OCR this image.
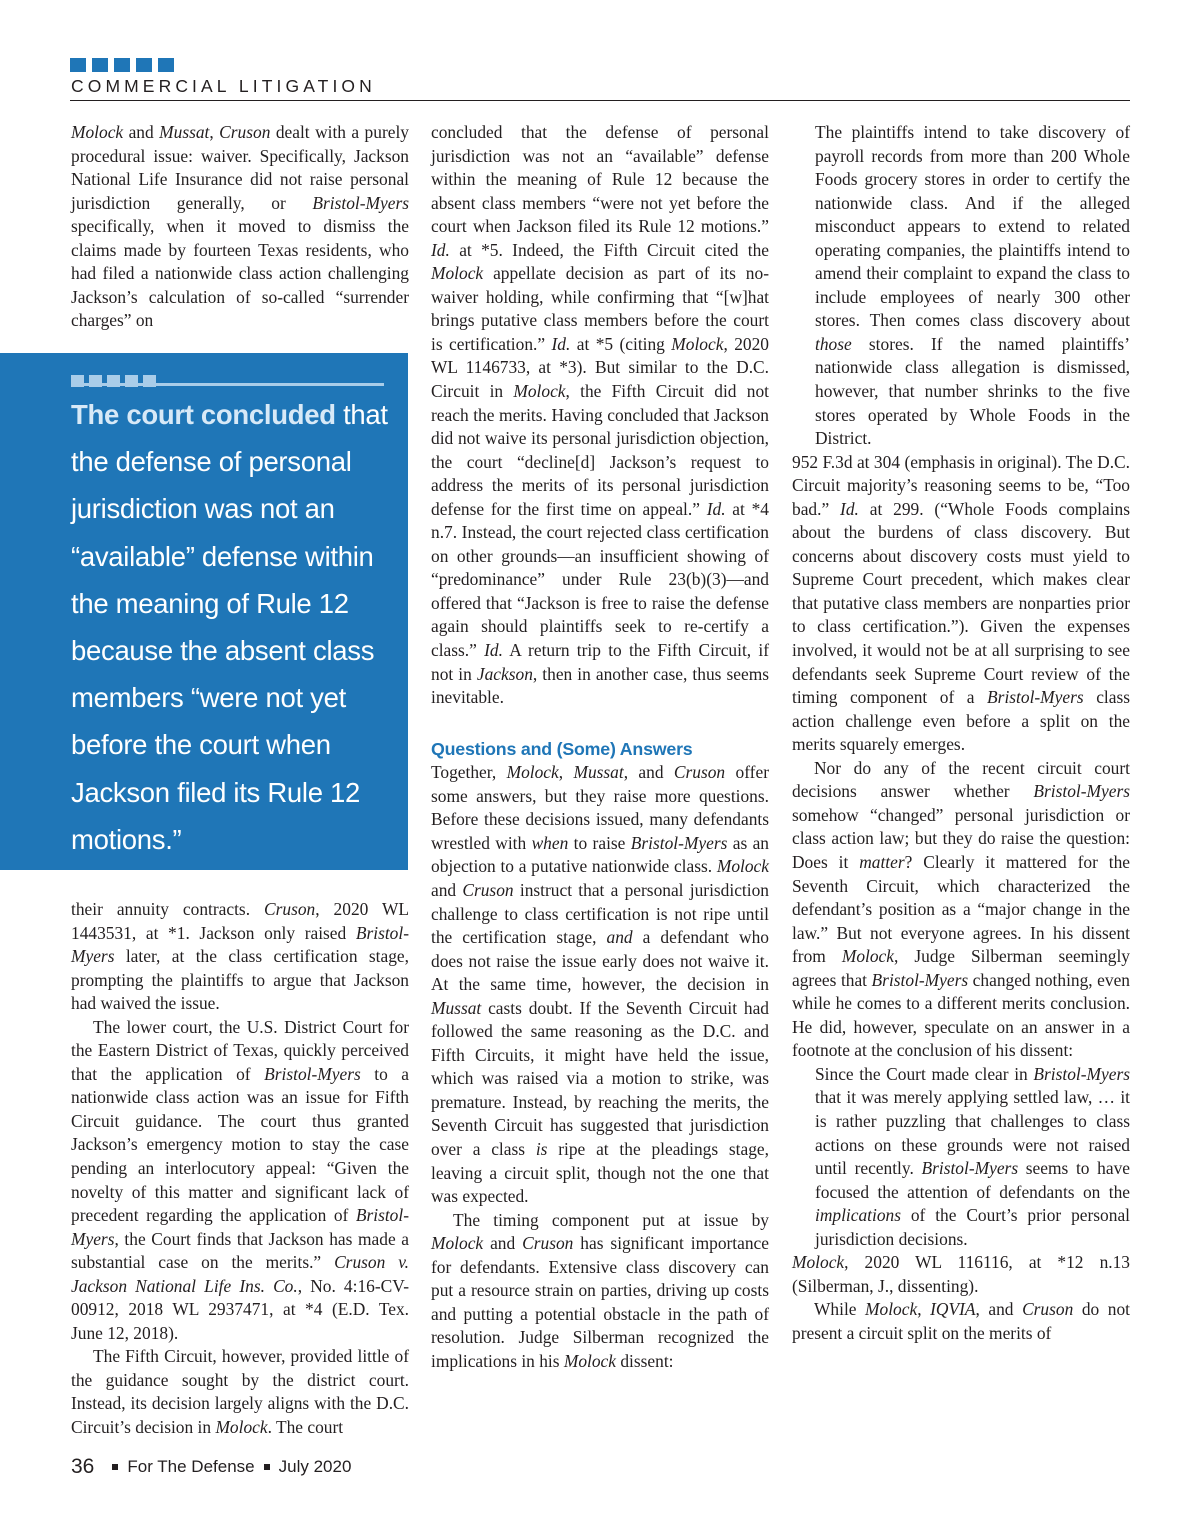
COMMERCIAL LITIGATION

Molock and Mussat, Cruson dealt with a purely procedural issue: waiver. Specifically, Jackson National Life Insurance did not raise personal jurisdiction generally, or Bristol-Myers specifically, when it moved to dismiss the claims made by fourteen Texas residents, who had filed a nationwide class action challenging Jackson’s calculation of so-called “surrender charges” on

The court concluded that the defense of personal jurisdiction was not an “available” defense within the meaning of Rule 12 because the absent class members “were not yet before the court when Jackson filed its Rule 12 motions.”

their annuity contracts. Cruson, 2020 WL 1443531, at *1. Jackson only raised Bristol-Myers later, at the class certification stage, prompting the plaintiffs to argue that Jackson had waived the issue.

The lower court, the U.S. District Court for the Eastern District of Texas, quickly perceived that the application of Bristol-Myers to a nationwide class action was an issue for Fifth Circuit guidance. The court thus granted Jackson’s emergency motion to stay the case pending an interlocutory appeal: “Given the novelty of this matter and significant lack of precedent regarding the application of Bristol-Myers, the Court finds that Jackson has made a substantial case on the merits.” Cruson v. Jackson National Life Ins. Co., No. 4:16-CV-00912, 2018 WL 2937471, at *4 (E.D. Tex. June 12, 2018).

The Fifth Circuit, however, provided little of the guidance sought by the district court. Instead, its decision largely aligns with the D.C. Circuit’s decision in Molock. The court

concluded that the defense of personal jurisdiction was not an “available” defense within the meaning of Rule 12 because the absent class members “were not yet before the court when Jackson filed its Rule 12 motions.” Id. at *5. Indeed, the Fifth Circuit cited the Molock appellate decision as part of its no-waiver holding, while confirming that “[w]hat brings putative class members before the court is certification.” Id. at *5 (citing Molock, 2020 WL 1146733, at *3). But similar to the D.C. Circuit in Molock, the Fifth Circuit did not reach the merits. Having concluded that Jackson did not waive its personal jurisdiction objection, the court “decline[d] Jackson’s request to address the merits of its personal jurisdiction defense for the first time on appeal.” Id. at *4 n.7. Instead, the court rejected class certification on other grounds—an insufficient showing of “predominance” under Rule 23(b)(3)—and offered that “Jackson is free to raise the defense again should plaintiffs seek to re-certify a class.” Id. A return trip to the Fifth Circuit, if not in Jackson, then in another case, thus seems inevitable.

Questions and (Some) Answers

Together, Molock, Mussat, and Cruson offer some answers, but they raise more questions. Before these decisions issued, many defendants wrestled with when to raise Bristol-Myers as an objection to a putative nationwide class. Molock and Cruson instruct that a personal jurisdiction challenge to class certification is not ripe until the certification stage, and a defendant who does not raise the issue early does not waive it. At the same time, however, the decision in Mussat casts doubt. If the Seventh Circuit had followed the same reasoning as the D.C. and Fifth Circuits, it might have held the issue, which was raised via a motion to strike, was premature. Instead, by reaching the merits, the Seventh Circuit has suggested that jurisdiction over a class is ripe at the pleadings stage, leaving a circuit split, though not the one that was expected.

The timing component put at issue by Molock and Cruson has significant importance for defendants. Extensive class discovery can put a resource strain on parties, driving up costs and putting a potential obstacle in the path of resolution. Judge Silberman recognized the implications in his Molock dissent:

The plaintiffs intend to take discovery of payroll records from more than 200 Whole Foods grocery stores in order to certify the nationwide class. And if the alleged misconduct appears to extend to related operating companies, the plaintiffs intend to amend their complaint to expand the class to include employees of nearly 300 other stores. Then comes class discovery about those stores. If the named plaintiffs’ nationwide class allegation is dismissed, however, that number shrinks to the five stores operated by Whole Foods in the District.

952 F.3d at 304 (emphasis in original). The D.C. Circuit majority’s reasoning seems to be, “Too bad.” Id. at 299. (“Whole Foods complains about the burdens of class discovery. But concerns about discovery costs must yield to Supreme Court precedent, which makes clear that putative class members are nonparties prior to class certification.”). Given the expenses involved, it would not be at all surprising to see defendants seek Supreme Court review of the timing component of a Bristol-Myers class action challenge even before a split on the merits squarely emerges.

Nor do any of the recent circuit court decisions answer whether Bristol-Myers somehow “changed” personal jurisdiction or class action law; but they do raise the question: Does it matter? Clearly it mattered for the Seventh Circuit, which characterized the defendant’s position as a “major change in the law.” But not everyone agrees. In his dissent from Molock, Judge Silberman seemingly agrees that Bristol-Myers changed nothing, even while he comes to a different merits conclusion. He did, however, speculate on an answer in a footnote at the conclusion of his dissent:

Since the Court made clear in Bristol-Myers that it was merely applying settled law, … it is rather puzzling that challenges to class actions on these grounds were not raised until recently. Bristol-Myers seems to have focused the attention of defendants on the implications of the Court’s prior personal jurisdiction decisions.

Molock, 2020 WL 116116, at *12 n.13 (Silberman, J., dissenting).

While Molock, IQVIA, and Cruson do not present a circuit split on the merits of

36 For The Defense July 2020
